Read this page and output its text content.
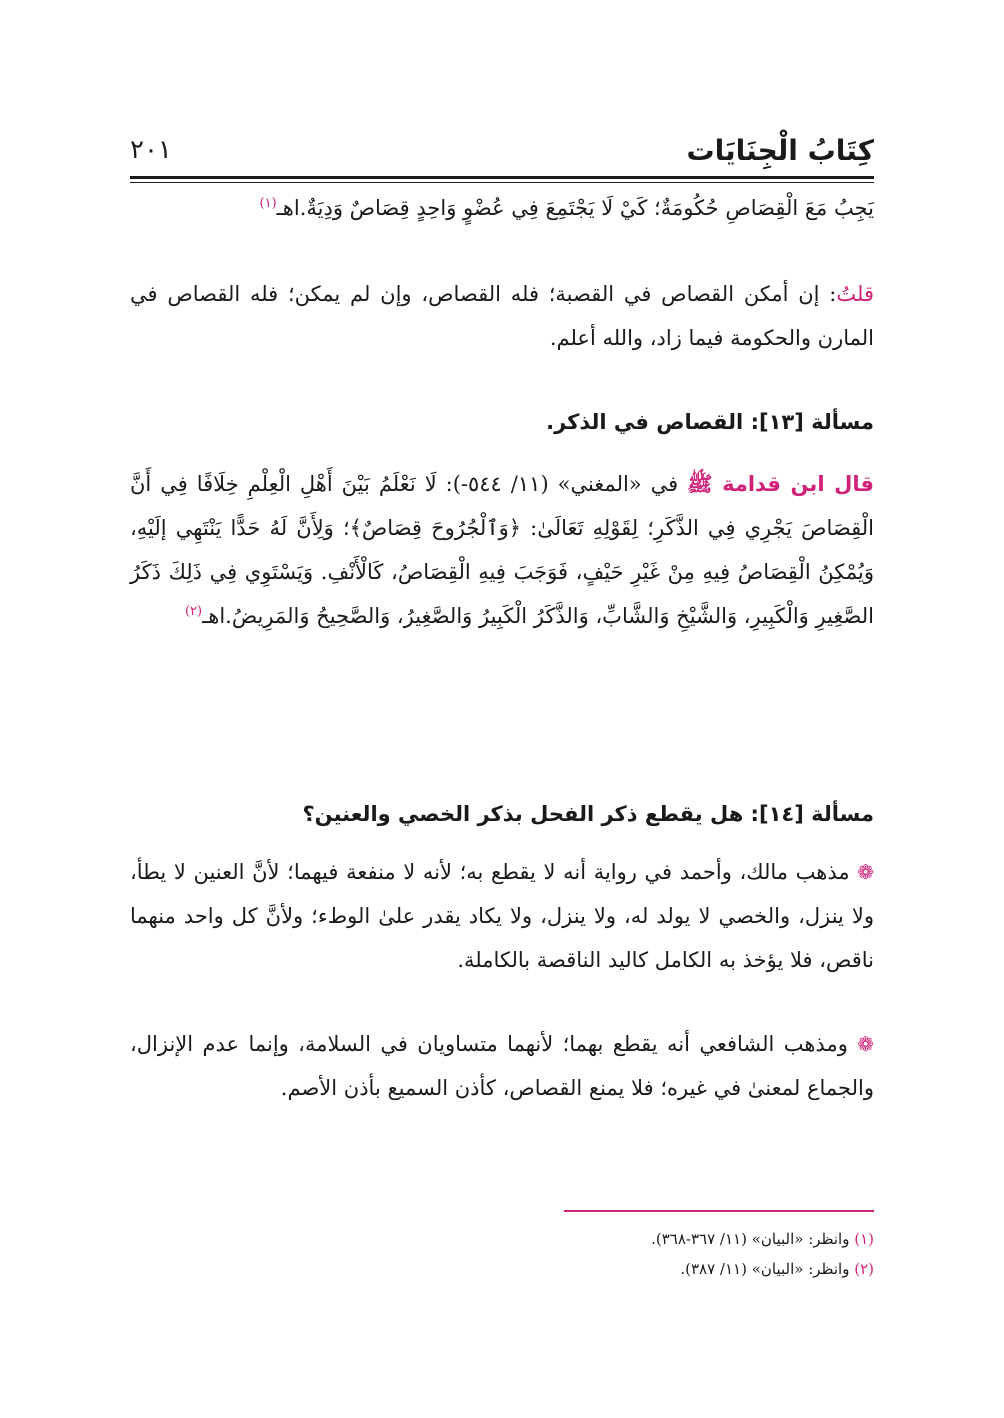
كِتَابُ الْجِنَايَات
٢٠١
يَجِبُ مَعَ الْقِصَاصِ حُكُومَةٌ؛ كَيْ لَا يَجْتَمِعَ فِي عُضْوٍ وَاحِدٍ قِصَاصٌ وَدِيَةٌ.اهـ$^{(١)}$
قلتُ: إن أمكن القصاص في القصبة؛ فله القصاص، وإن لم يمكن؛ فله القصاص في المارن والحكومة فيما زاد، والله أعلم.
مسألة [١٣]: القصاص في الذكر.
قال ابن قدامة ﷺ في «المغني» (١١/ ٥٤٤-): لَا نَعْلَمُ بَيْنَ أَهْلِ الْعِلْمِ خِلَافًا فِي أَنَّ الْقِصَاصَ يَجْرِي فِي الذَّكَرِ؛ لِقَوْلِهِ تَعَالَىٰ: ﴿وَٱلْجُرُوحَ قِصَاصٌ﴾؛ وَلِأَنَّ لَهُ حَدًّا يَنْتَهِي إلَيْهِ، وَيُمْكِنُ الْقِصَاصُ فِيهِ مِنْ غَيْرِ حَيْفٍ، فَوَجَبَ فِيهِ الْقِصَاصُ، كَالْأَنْفِ. وَيَسْتَوِي فِي ذَلِكَ ذَكَرُ الصَّغِيرِ وَالْكَبِيرِ، وَالشَّيْخِ وَالشَّابِّ، وَالذَّكَرُ الْكَبِيرُ وَالصَّغِيرُ، وَالصَّحِيحُ وَالمَرِيضُ.اهـ$^{(٢)}$
مسألة [١٤]: هل يقطع ذكر الفحل بذكر الخصي والعنين؟
❁ مذهب مالك، وأحمد في رواية أنه لا يقطع به؛ لأنه لا منفعة فيهما؛ لأنَّ العنين لا يطأ، ولا ينزل، والخصي لا يولد له، ولا ينزل، ولا يكاد يقدر علىٰ الوطء؛ ولأنَّ كل واحد منهما ناقص، فلا يؤخذ به الكامل كاليد الناقصة بالكاملة.
❁ ومذهب الشافعي أنه يقطع بهما؛ لأنهما متساويان في السلامة، وإنما عدم الإنزال، والجماع لمعنىٰ في غيره؛ فلا يمنع القصاص، كأذن السميع بأذن الأصم.
(١) وانظر: «البيان» (١١/ ٣٦٧-٣٦٨).
(٢) وانظر: «البيان» (١١/ ٣٨٧).
